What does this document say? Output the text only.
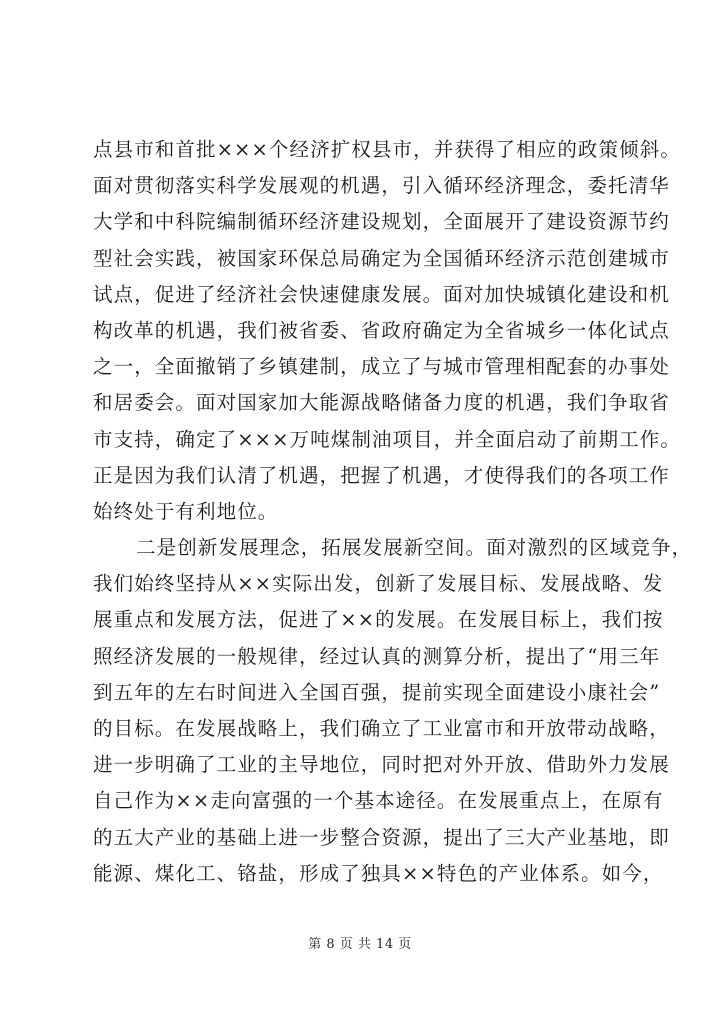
点县市和首批×××个经济扩权县市，并获得了相应的政策倾斜。
面对贯彻落实科学发展观的机遇，引入循环经济理念，委托清华
大学和中科院编制循环经济建设规划，全面展开了建设资源节约
型社会实践，被国家环保总局确定为全国循环经济示范创建城市
试点，促进了经济社会快速健康发展。面对加快城镇化建设和机
构改革的机遇，我们被省委、省政府确定为全省城乡一体化试点
之一，全面撤销了乡镇建制，成立了与城市管理相配套的办事处
和居委会。面对国家加大能源战略储备力度的机遇，我们争取省
市支持，确定了×××万吨煤制油项目，并全面启动了前期工作。
正是因为我们认清了机遇，把握了机遇，才使得我们的各项工作
始终处于有利地位。
二是创新发展理念，拓展发展新空间。面对激烈的区域竞争，
我们始终坚持从××实际出发，创新了发展目标、发展战略、发
展重点和发展方法，促进了××的发展。在发展目标上，我们按
照经济发展的一般规律，经过认真的测算分析，提出了“用三年
到五年的左右时间进入全国百强，提前实现全面建设小康社会”
的目标。在发展战略上，我们确立了工业富市和开放带动战略，
进一步明确了工业的主导地位，同时把对外开放、借助外力发展
自己作为××走向富强的一个基本途径。在发展重点上，在原有
的五大产业的基础上进一步整合资源，提出了三大产业基地，即
能源、煤化工、铬盐，形成了独具××特色的产业体系。如今，
第 8 页 共 14 页
